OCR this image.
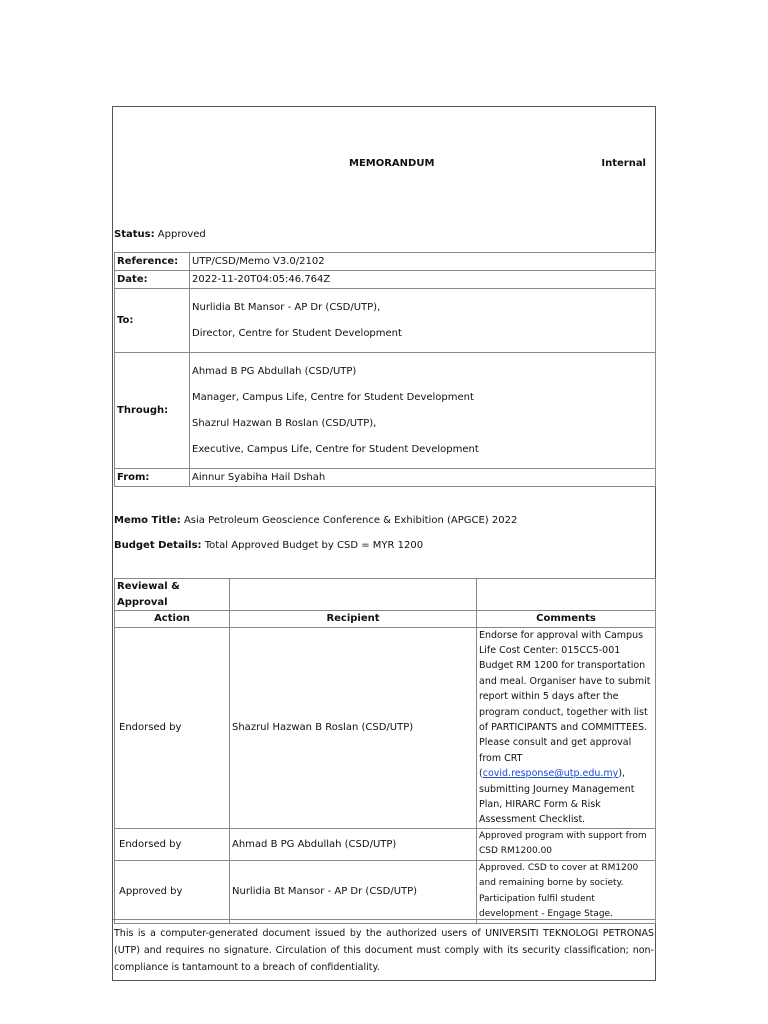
MEMORANDUM	Internal
Status: Approved
Reference:	UTP/CSD/Memo V3.0/2102
Date:	2022-11-20T04:05:46.764Z
To:	Nurlidia Bt Mansor - AP Dr (CSD/UTP),

Director, Centre for Student Development

Through:	Ahmad B PG Abdullah (CSD/UTP)

Manager, Campus Life, Centre for Student Development

Shazrul Hazwan B Roslan (CSD/UTP),

Executive, Campus Life, Centre for Student Development

From:	Ainnur Syabiha Hail Dshah
Memo Title: Asia Petroleum Geoscience Conference & Exhibition (APGCE) 2022
Budget Details: Total Approved Budget by CSD = MYR 1200
Reviewal & Approval		
Action	Recipient	Comments
Endorsed by	Shazrul Hazwan B Roslan (CSD/UTP)	Endorse for approval with Campus Life Cost Center: 015CC5-001 Budget RM 1200 for transportation and meal. Organiser have to submit report within 5 days after the program conduct, together with list of PARTICIPANTS and COMMITTEES. Please consult and get approval from CRT (covid.response@utp.edu.my), submitting Journey Management Plan, HIRARC Form & Risk Assessment Checklist.
Endorsed by	Ahmad B PG Abdullah (CSD/UTP)	Approved program with support from CSD RM1200.00
Approved by	Nurlidia Bt Mansor - AP Dr (CSD/UTP)	Approved. CSD to cover at RM1200 and remaining borne by society. Participation fulfil student development - Engage Stage.
This is a computer-generated document issued by the authorized users of UNIVERSITI TEKNOLOGI PETRONAS (UTP) and requires no signature. Circulation of this document must comply with its security classification; non-compliance is tantamount to a breach of confidentiality.
